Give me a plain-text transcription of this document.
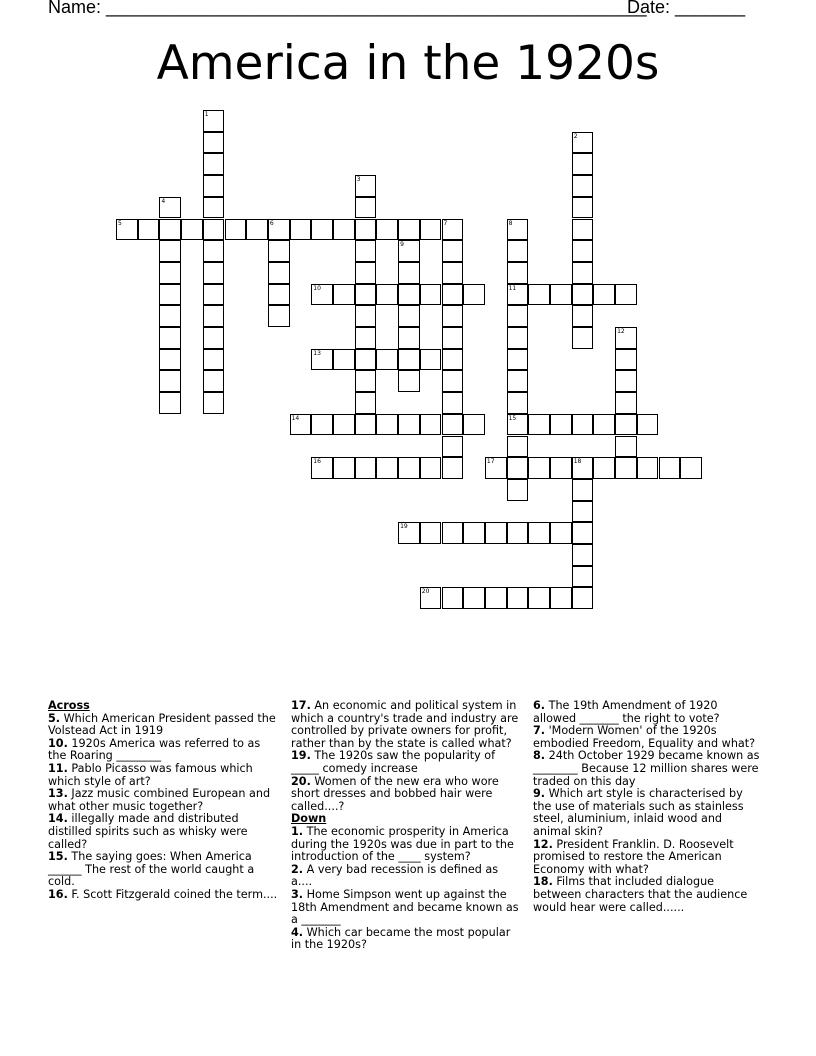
Name: ______________________________________________________
Date: _______
America in the 1920s
5	6	7
10	11
13
14	15
16	17	18
19
20
1
2
3
4
8
9
12
Across

5. Which American President passed the Volstead Act in 1919

10. 1920s America was referred to as the Roaring ________

11. Pablo Picasso was famous which which style of art?

13. Jazz music combined European and what other music together?

14. illegally made and distributed distilled spirits such as whisky were called?

15. The saying goes: When America ______ The rest of the world caught a cold.

16. F. Scott Fitzgerald coined the term....

17. An economic and political system in which a country's trade and industry are controlled by private owners for profit, rather than by the state is called what?

19. The 1920s saw the popularity of _____ comedy increase

20. Women of the new era who wore short dresses and bobbed hair were called....?

Down

1. The economic prosperity in America during the 1920s was due in part to the introduction of the ____ system?

2. A very bad recession is defined as a....

3. Home Simpson went up against the 18th Amendment and became known as a _______

4. Which car became the most popular in the 1920s?

6. The 19th Amendment of 1920 allowed _______ the right to vote?

7. 'Modern Women' of the 1920s embodied Freedom, Equality and what?

8. 24th October 1929 became known as ________ Because 12 million shares were traded on this day

9. Which art style is characterised by the use of materials such as stainless steel, aluminium, inlaid wood and animal skin?

12. President Franklin. D. Roosevelt promised to restore the American Economy with what?

18. Films that included dialogue between characters that the audience would hear were called......
